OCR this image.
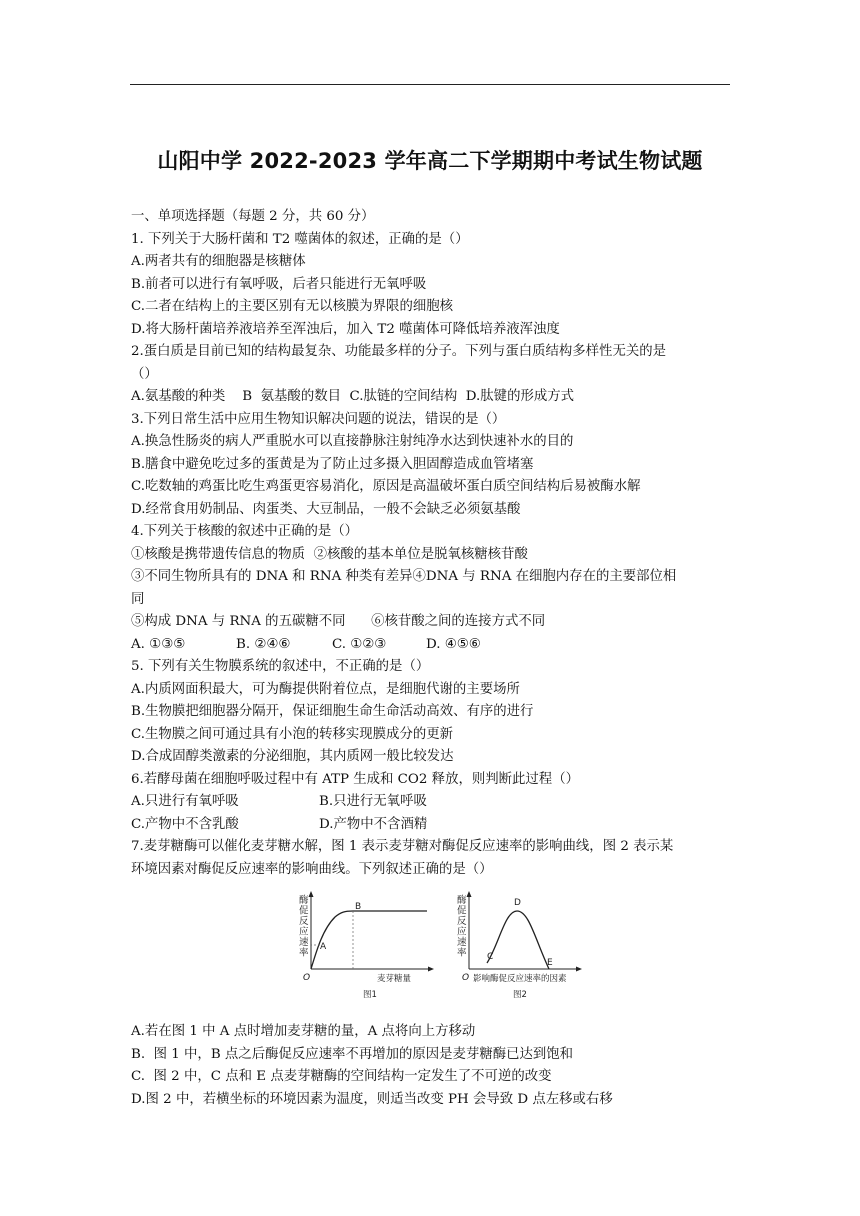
山阳中学 2022-2023 学年高二下学期期中考试生物试题
一、单项选择题（每题 2 分，共 60 分）
1. 下列关于大肠杆菌和 T2 噬菌体的叙述，正确的是（）
A.两者共有的细胞器是核糖体
B.前者可以进行有氧呼吸，后者只能进行无氧呼吸
C.二者在结构上的主要区别有无以核膜为界限的细胞核
D.将大肠杆菌培养液培养至浑浊后，加入 T2 噬菌体可降低培养液浑浊度
2.蛋白质是目前已知的结构最复杂、功能最多样的分子。下列与蛋白质结构多样性无关的是
（）
A.氨基酸的种类    B  氨基酸的数目  C.肽链的空间结构  D.肽键的形成方式
3.下列日常生活中应用生物知识解决问题的说法，错误的是（）
A.换急性肠炎的病人严重脱水可以直接静脉注射纯净水达到快速补水的目的
B.膳食中避免吃过多的蛋黄是为了防止过多摄入胆固醇造成血管堵塞
C.吃数轴的鸡蛋比吃生鸡蛋更容易消化，原因是高温破坏蛋白质空间结构后易被酶水解
D.经常食用奶制品、肉蛋类、大豆制品，一般不会缺乏必须氨基酸
4.下列关于核酸的叙述中正确的是（）
①核酸是携带遗传信息的物质  ②核酸的基本单位是脱氧核糖核苷酸
③不同生物所具有的 DNA 和 RNA 种类有差异④DNA 与 RNA 在细胞内存在的主要部位相
同
⑤构成 DNA 与 RNA 的五碳糖不同      ⑥核苷酸之间的连接方式不同
A. ①③⑤	B. ②④⑥	C. ①②③	D. ④⑤⑥
5. 下列有关生物膜系统的叙述中，不正确的是（）
A.内质网面积最大，可为酶提供附着位点，是细胞代谢的主要场所
B.生物膜把细胞器分隔开，保证细胞生命生命活动高效、有序的进行
C.生物膜之间可通过具有小泡的转移实现膜成分的更新
D.合成固醇类激素的分泌细胞，其内质网一般比较发达
6.若酵母菌在细胞呼吸过程中有 ATP 生成和 CO2 释放，则判断此过程（）
A.只进行有氧呼吸	B.只进行无氧呼吸
C.产物中不含乳酸	D.产物中不含酒精
7.麦芽糖酶可以催化麦芽糖水解，图 1 表示麦芽糖对酶促反应速率的影响曲线，图 2 表示某
环境因素对酶促反应速率的影响曲线。下列叙述正确的是（）
酶促反应速率
A
B
O	麦芽糖量
图1
酶促反应速率 C
D
E
O 影响酶促反应速率的因素
图2
A.若在图 1 中 A 点时增加麦芽糖的量，A 点将向上方移动
B.  图 1 中，B 点之后酶促反应速率不再增加的原因是麦芽糖酶已达到饱和
C.  图 2 中，C 点和 E 点麦芽糖酶的空间结构一定发生了不可逆的改变
D.图 2 中，若横坐标的环境因素为温度，则适当改变 PH 会导致 D 点左移或右移
